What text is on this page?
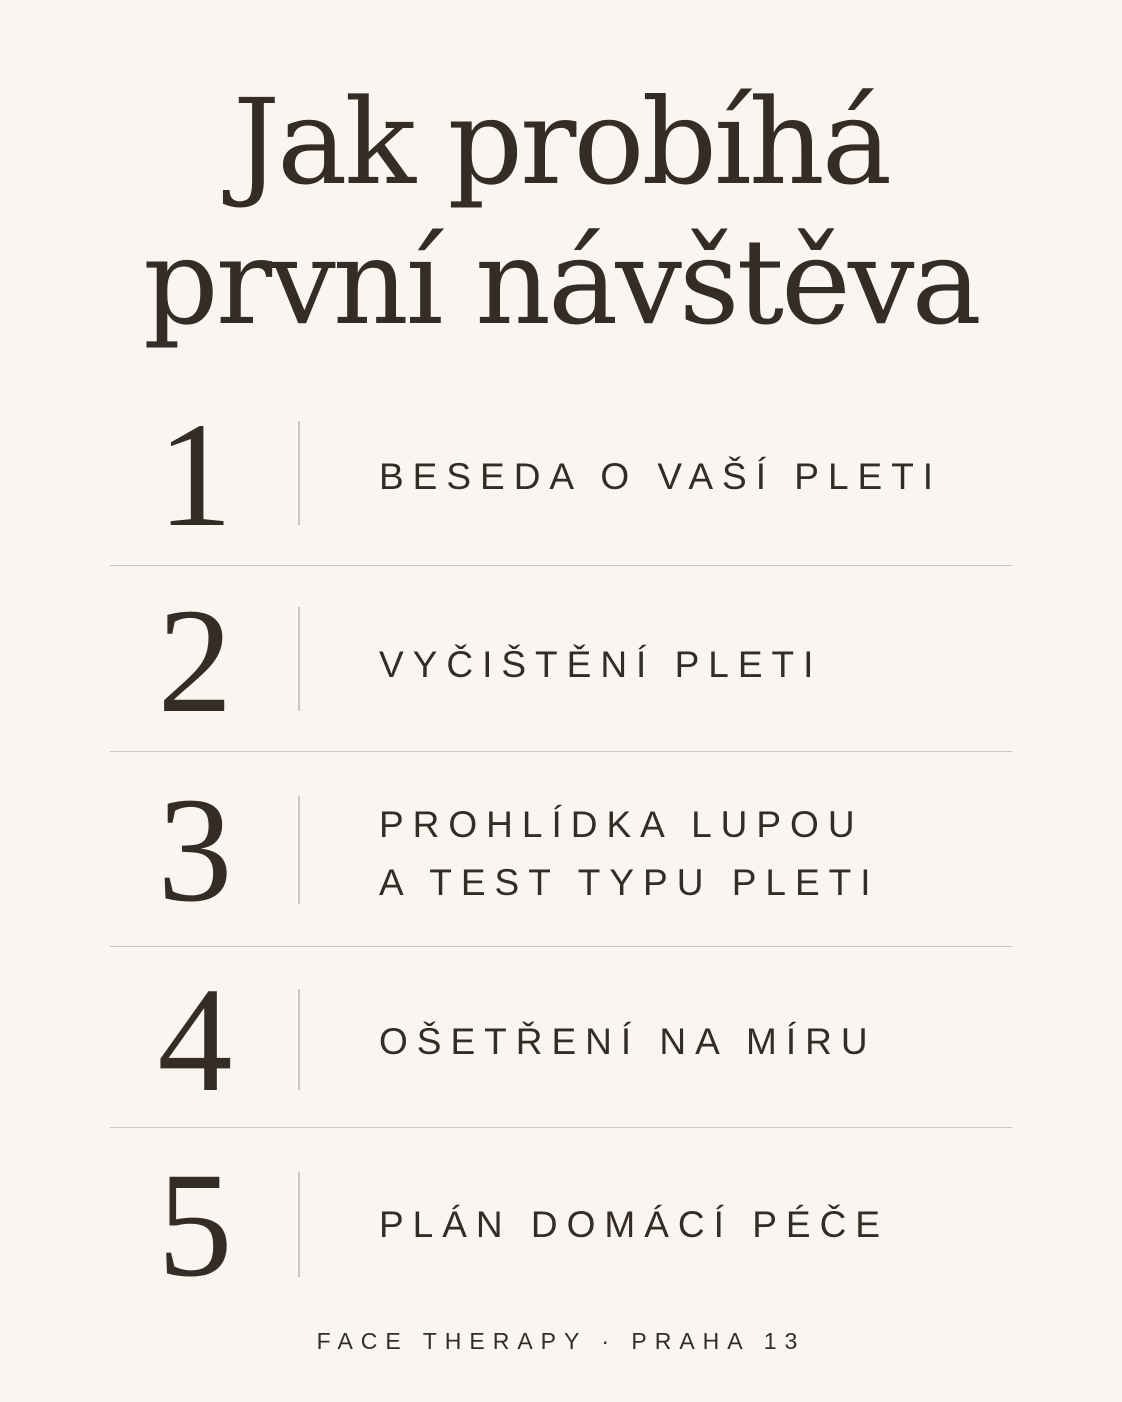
Jak probíhá
první návštěva
1	BESEDA O VAŠÍ PLETI
2	VYČIŠTĚNÍ PLETI
3	PROHLÍDKA LUPOU
A TEST TYPU PLETI
4	OŠETŘENÍ NA MÍRU
5	PLÁN DOMÁCÍ PÉČE
FACE THERAPY · PRAHA 13
